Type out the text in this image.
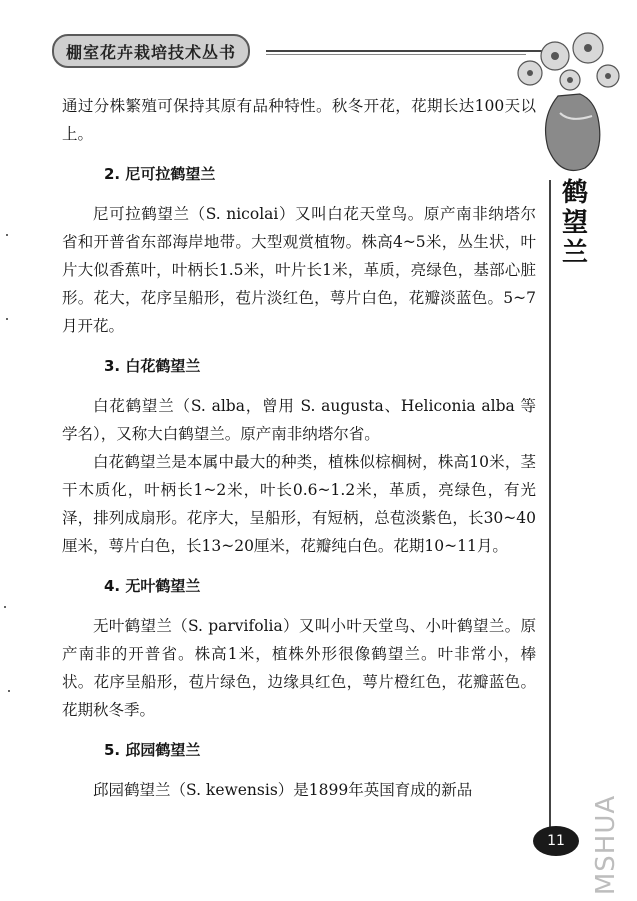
棚室花卉栽培技术丛书
鹤
望
兰

通过分株繁殖可保持其原有品种特性。秋冬开花，花期长达100天以上。

2. 尼可拉鹤望兰

尼可拉鹤望兰（S. nicolai）又叫白花天堂鸟。原产南非纳塔尔省和开普省东部海岸地带。大型观赏植物。株高4~5米，丛生状，叶片大似香蕉叶，叶柄长1.5米，叶片长1米，革质，亮绿色，基部心脏形。花大，花序呈船形，苞片淡红色，萼片白色，花瓣淡蓝色。5~7月开花。

3. 白花鹤望兰

白花鹤望兰（S. alba，曾用 S. augusta、Heliconia alba 等学名），又称大白鹤望兰。原产南非纳塔尔省。

白花鹤望兰是本属中最大的种类，植株似棕榈树，株高10米，茎干木质化，叶柄长1~2米，叶长0.6~1.2米，革质，亮绿色，有光泽，排列成扇形。花序大，呈船形，有短柄，总苞淡紫色，长30~40厘米，萼片白色，长13~20厘米，花瓣纯白色。花期10~11月。

4. 无叶鹤望兰

无叶鹤望兰（S. parvifolia）又叫小叶天堂鸟、小叶鹤望兰。原产南非的开普省。株高1米，植株外形很像鹤望兰。叶非常小，棒状。花序呈船形，苞片绿色，边缘具红色，萼片橙红色，花瓣蓝色。花期秋冬季。

5. 邱园鹤望兰

邱园鹤望兰（S. kewensis）是1899年英国育成的新品

11 MSHUA
